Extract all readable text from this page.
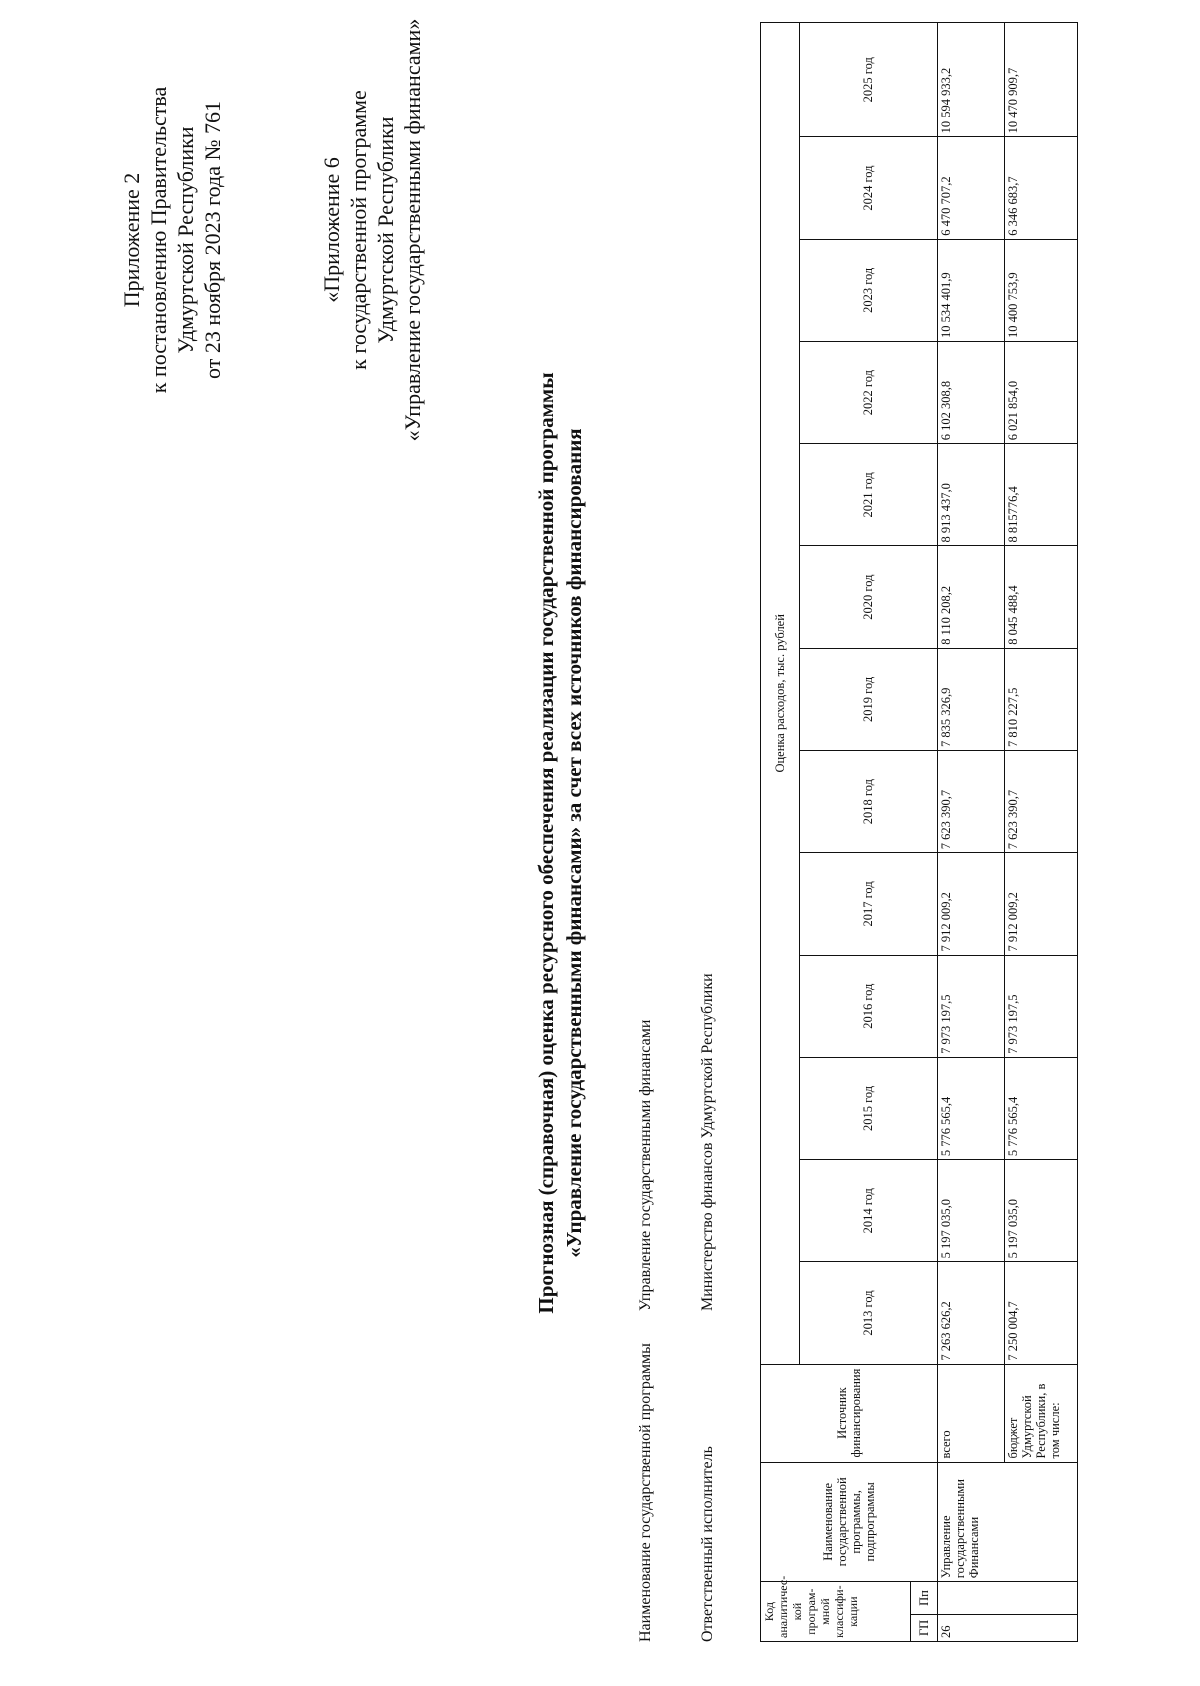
Приложение 2 к постановлению Правительства Удмуртской Республики от 23 ноября 2023 года № 761	«Приложение 6 к государственной программе Удмуртской Республики «Управление государственными финансами»
Прогнозная (справочная) оценка ресурсного обеспечения реализации государственной программы «Управление государственными финансами» за счет всех источников финансирования
Наименование государственной программы
Управление государственными финансами
Ответственный исполнитель
Министерство финансов Удмуртской Республики
Код аналитичес-кой програм-мной классифи-кации		Наименование государственной программы, подпрограммы	Источник финансирования	Оценка расходов, тыс. рублей												
				2013 год	2014 год	2015 год	2016 год	2017 год	2018 год	2019 год	2020 год	2021 год	2022 год	2023 год	2024 год	2025 год
ГП	Пп															
26		Управление государственными Финансами	всего	7 263 626,2	5 197 035,0	5 776 565,4	7 973 197,5	7 912 009,2	7 623 390,7	7 835 326,9	8 110 208,2	8 913 437,0	6 102 308,8	10 534 401,9	6 470 707,2	10 594 933,2
			бюджет Удмуртской Республики, в том числе:	7 250 004,7	5 197 035,0	5 776 565,4	7 973 197,5	7 912 009,2	7 623 390,7	7 810 227,5	8 045 488,4	8 815776,4	6 021 854,0	10 400 753,9	6 346 683,7	10 470 909,7
